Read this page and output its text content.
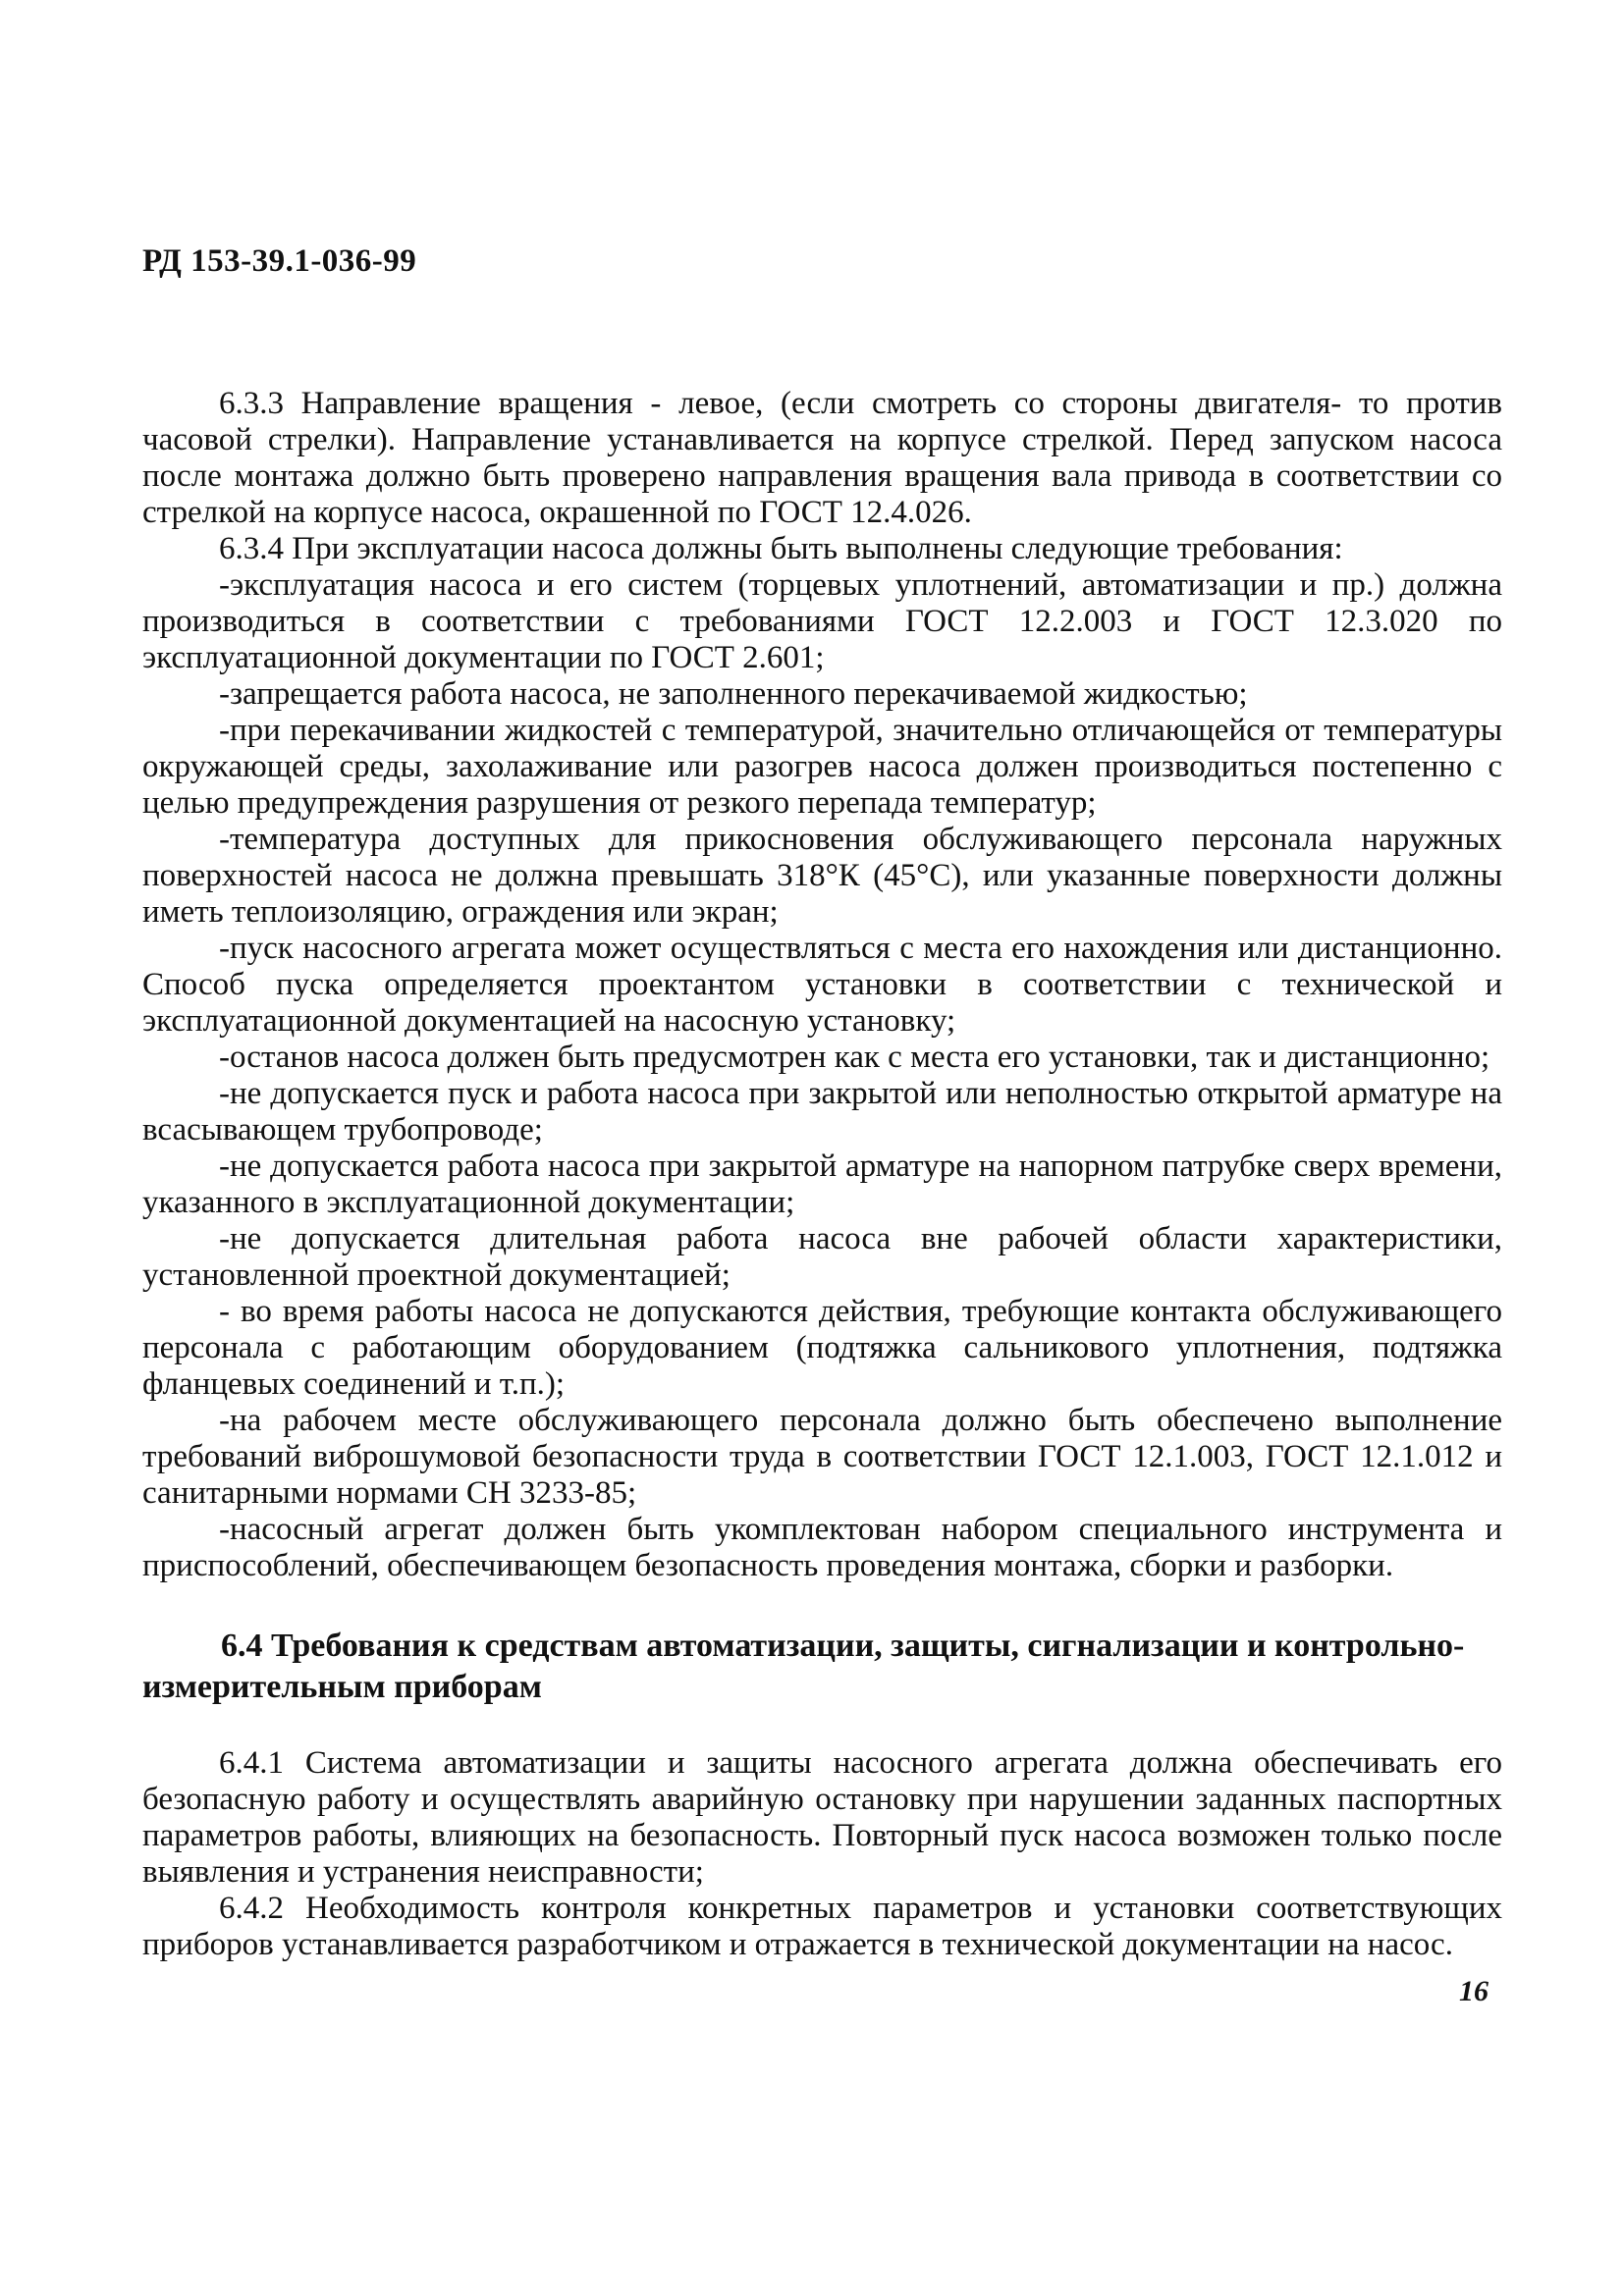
РД 153-39.1-036-99

6.3.3 Направление вращения - левое, (если смотреть со стороны двигателя- то против часовой стрелки). Направление устанавливается на корпусе стрелкой. Перед запуском насоса после монтажа должно быть проверено направления вращения вала привода в соответствии со стрелкой на корпусе насоса, окрашенной по ГОСТ 12.4.026.

6.3.4 При эксплуатации насоса должны быть выполнены следующие требования:

-эксплуатация насоса и его систем (торцевых уплотнений, автоматизации и пр.) должна производиться в соответствии с требованиями ГОСТ 12.2.003 и ГОСТ 12.3.020 по эксплуатационной документации по ГОСТ 2.601;

-запрещается работа насоса, не заполненного перекачиваемой жидкостью;

-при перекачивании жидкостей с температурой, значительно отличающейся от температуры окружающей среды, захолаживание или разогрев насоса должен производиться постепенно с целью предупреждения разрушения от резкого перепада температур;

-температура доступных для прикосновения обслуживающего персонала наружных поверхностей насоса не должна превышать 318°К (45°С), или указанные поверхности должны иметь теплоизоляцию, ограждения или экран;

-пуск насосного агрегата может осуществляться с места его нахождения или дистанционно. Способ пуска определяется проектантом установки в соответствии с технической и эксплуатационной документацией на насосную установку;

-останов насоса должен быть предусмотрен как с места его установки, так и дистанционно;

-не допускается пуск и работа насоса при закрытой или неполностью открытой арматуре на всасывающем трубопроводе;

-не допускается работа насоса при закрытой арматуре на напорном патрубке сверх времени, указанного в эксплуатационной документации;

-не допускается длительная работа насоса вне рабочей области характеристики, установленной проектной документацией;

- во время работы насоса не допускаются действия, требующие контакта обслуживающего персонала с работающим оборудованием (подтяжка сальникового уплотнения, подтяжка фланцевых соединений и т.п.);

-на рабочем месте обслуживающего персонала должно быть обеспечено выполнение требований виброшумовой безопасности труда в соответствии ГОСТ 12.1.003, ГОСТ 12.1.012 и санитарными нормами СН 3233-85;

-насосный агрегат должен быть укомплектован набором специального инструмента и приспособлений, обеспечивающем безопасность проведения монтажа, сборки и разборки.

6.4 Требования к средствам автоматизации, защиты, сигнализации и контрольно-
измерительным приборам

6.4.1 Система автоматизации и защиты насосного агрегата должна обеспечивать его безопасную работу и осуществлять аварийную остановку при нарушении заданных паспортных параметров работы, влияющих на безопасность. Повторный пуск насоса возможен только после выявления и устранения неисправности;

6.4.2 Необходимость контроля конкретных параметров и установки соответствующих приборов устанавливается разработчиком и отражается в технической документации на насос.

16
